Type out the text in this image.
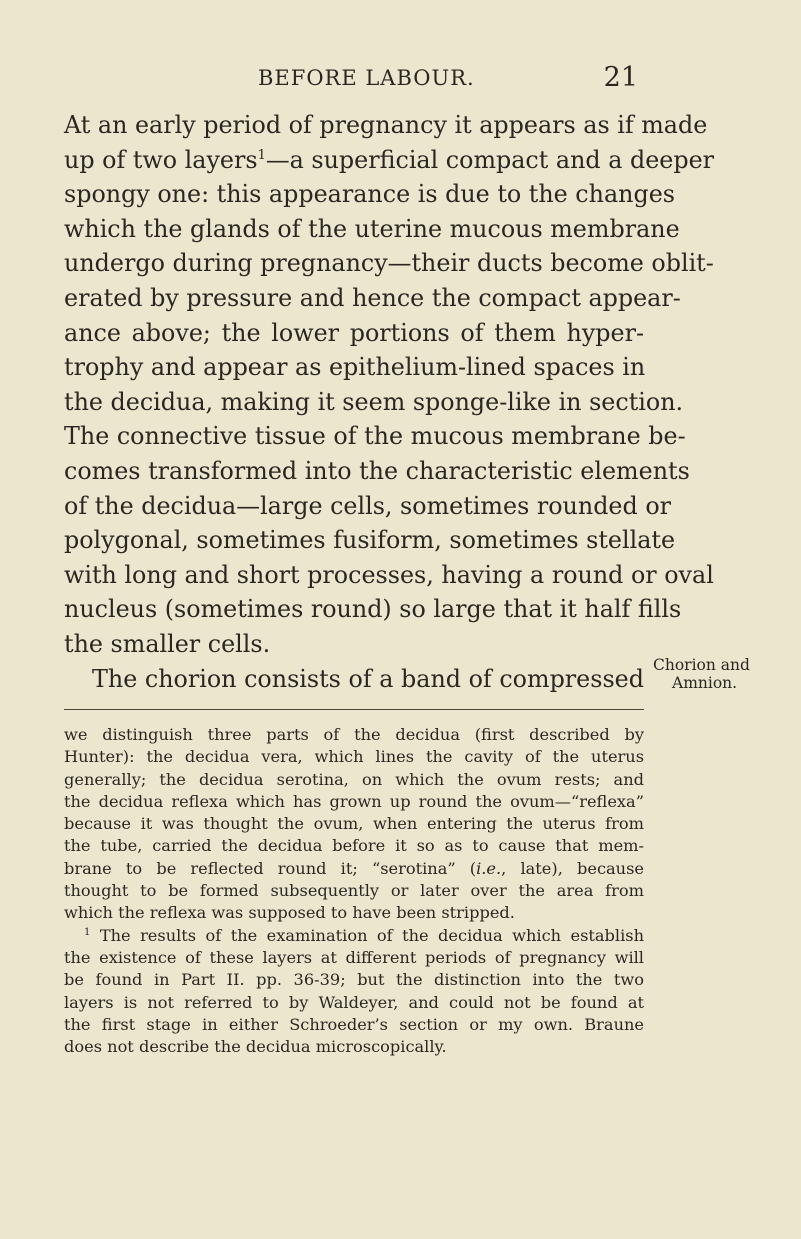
BEFORE LABOUR.	21
At an early period of pregnancy it appears as if made
up of two layers$^1$—a superficial compact and a deeper
spongy one: this appearance is due to the changes
which the glands of the uterine mucous membrane
undergo during pregnancy—their ducts become oblit-
erated by pressure and hence the compact appear-
ance above; the lower portions of them hyper-
trophy and appear as epithelium-lined spaces in
the decidua, making it seem sponge-like in section.
The connective tissue of the mucous membrane be-
comes transformed into the characteristic elements
of the decidua—large cells, sometimes rounded or
polygonal, sometimes fusiform, sometimes stellate
with long and short processes, having a round or oval
nucleus (sometimes round) so large that it half fills
the smaller cells.
The chorion consists of a band of compressed Chorion and
Amnion.
we distinguish three parts of the decidua (first described by
Hunter): the decidua vera, which lines the cavity of the uterus
generally; the decidua serotina, on which the ovum rests; and
the decidua reflexa which has grown up round the ovum—“reflexa”
because it was thought the ovum, when entering the uterus from
the tube, carried the decidua before it so as to cause that mem-
brane to be reflected round it; “serotina” (i.e., late), because
thought to be formed subsequently or later over the area from
which the reflexa was supposed to have been stripped.
$^1$ The results of the examination of the decidua which establish
the existence of these layers at different periods of pregnancy will
be found in Part II. pp. 36-39; but the distinction into the two
layers is not referred to by Waldeyer, and could not be found at
the first stage in either Schroeder’s section or my own. Braune
does not describe the decidua microscopically.
